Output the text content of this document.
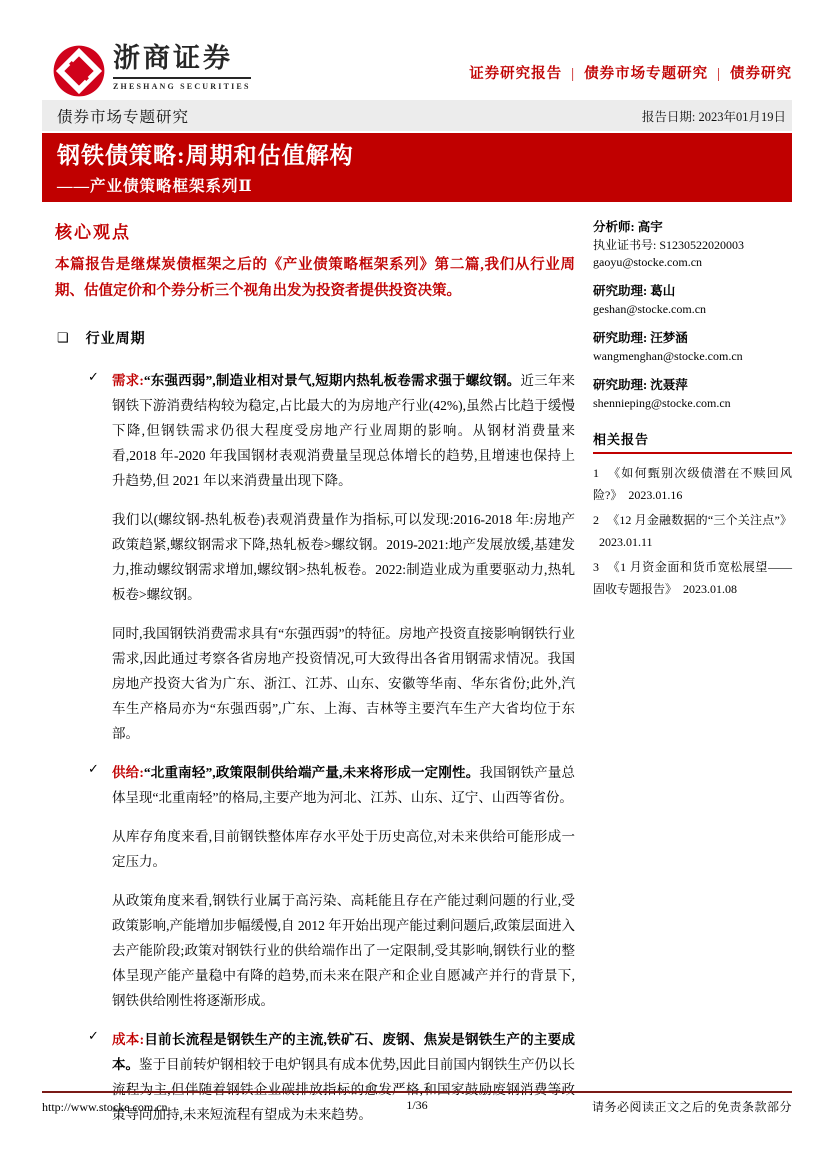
浙商证券
ZHESHANG SECURITIES
证券研究报告 | 债券市场专题研究 | 债券研究
债券市场专题研究	报告日期: 2023年01月19日
钢铁债策略:周期和估值解构
——产业债策略框架系列Ⅱ
核心观点

本篇报告是继煤炭债框架之后的《产业债策略框架系列》第二篇,我们从行业周期、估值定价和个券分析三个视角出发为投资者提供投资决策。

❑ 行业周期
✓ 需求:“东强西弱”,制造业相对景气,短期内热轧板卷需求强于螺纹钢。近三年来钢铁下游消费结构较为稳定,占比最大的为房地产行业(42%),虽然占比趋于缓慢下降,但钢铁需求仍很大程度受房地产行业周期的影响。从钢材消费量来看,2018 年-2020 年我国钢材表观消费量呈现总体增长的趋势,且增速也保持上升趋势,但 2021 年以来消费量出现下降。

我们以(螺纹钢-热轧板卷)表观消费量作为指标,可以发现:2016-2018 年:房地产政策趋紧,螺纹钢需求下降,热轧板卷>螺纹钢。2019-2021:地产发展放缓,基建发力,推动螺纹钢需求增加,螺纹钢>热轧板卷。2022:制造业成为重要驱动力,热轧板卷>螺纹钢。

同时,我国钢铁消费需求具有“东强西弱”的特征。房地产投资直接影响钢铁行业需求,因此通过考察各省房地产投资情况,可大致得出各省用钢需求情况。我国房地产投资大省为广东、浙江、江苏、山东、安徽等华南、华东省份;此外,汽车生产格局亦为“东强西弱”,广东、上海、吉林等主要汽车生产大省均位于东部。

✓ 供给:“北重南轻”,政策限制供给端产量,未来将形成一定刚性。我国钢铁产量总体呈现“北重南轻”的格局,主要产地为河北、江苏、山东、辽宁、山西等省份。

从库存角度来看,目前钢铁整体库存水平处于历史高位,对未来供给可能形成一定压力。

从政策角度来看,钢铁行业属于高污染、高耗能且存在产能过剩问题的行业,受政策影响,产能增加步幅缓慢,自 2012 年开始出现产能过剩问题后,政策层面进入去产能阶段;政策对钢铁行业的供给端作出了一定限制,受其影响,钢铁行业的整体呈现产能产量稳中有降的趋势,而未来在限产和企业自愿减产并行的背景下,钢铁供给刚性将逐渐形成。

✓ 成本:目前长流程是钢铁生产的主流,铁矿石、废钢、焦炭是钢铁生产的主要成本。鉴于目前转炉钢相较于电炉钢具有成本优势,因此目前国内钢铁生产仍以长流程为主,但伴随着钢铁企业碳排放指标的愈发严格,和国家鼓励废钢消费等政策导向加持,未来短流程有望成为未来趋势。

分析师: 高宇

执业证书号: S1230522020003

gaoyu@stocke.com.cn

研究助理: 葛山

geshan@stocke.com.cn

研究助理: 汪梦涵

wangmenghan@stocke.com.cn

研究助理: 沈聂萍

shennieping@stocke.com.cn

相关报告

1 《如何甄别次级债潜在不赎回风险?》 2023.01.16

2 《12 月金融数据的“三个关注点”》2023.01.11

3 《1 月资金面和货币宽松展望——固收专题报告》 2023.01.08

http://www.stocke.com.cn	1/36	请务必阅读正文之后的免责条款部分
